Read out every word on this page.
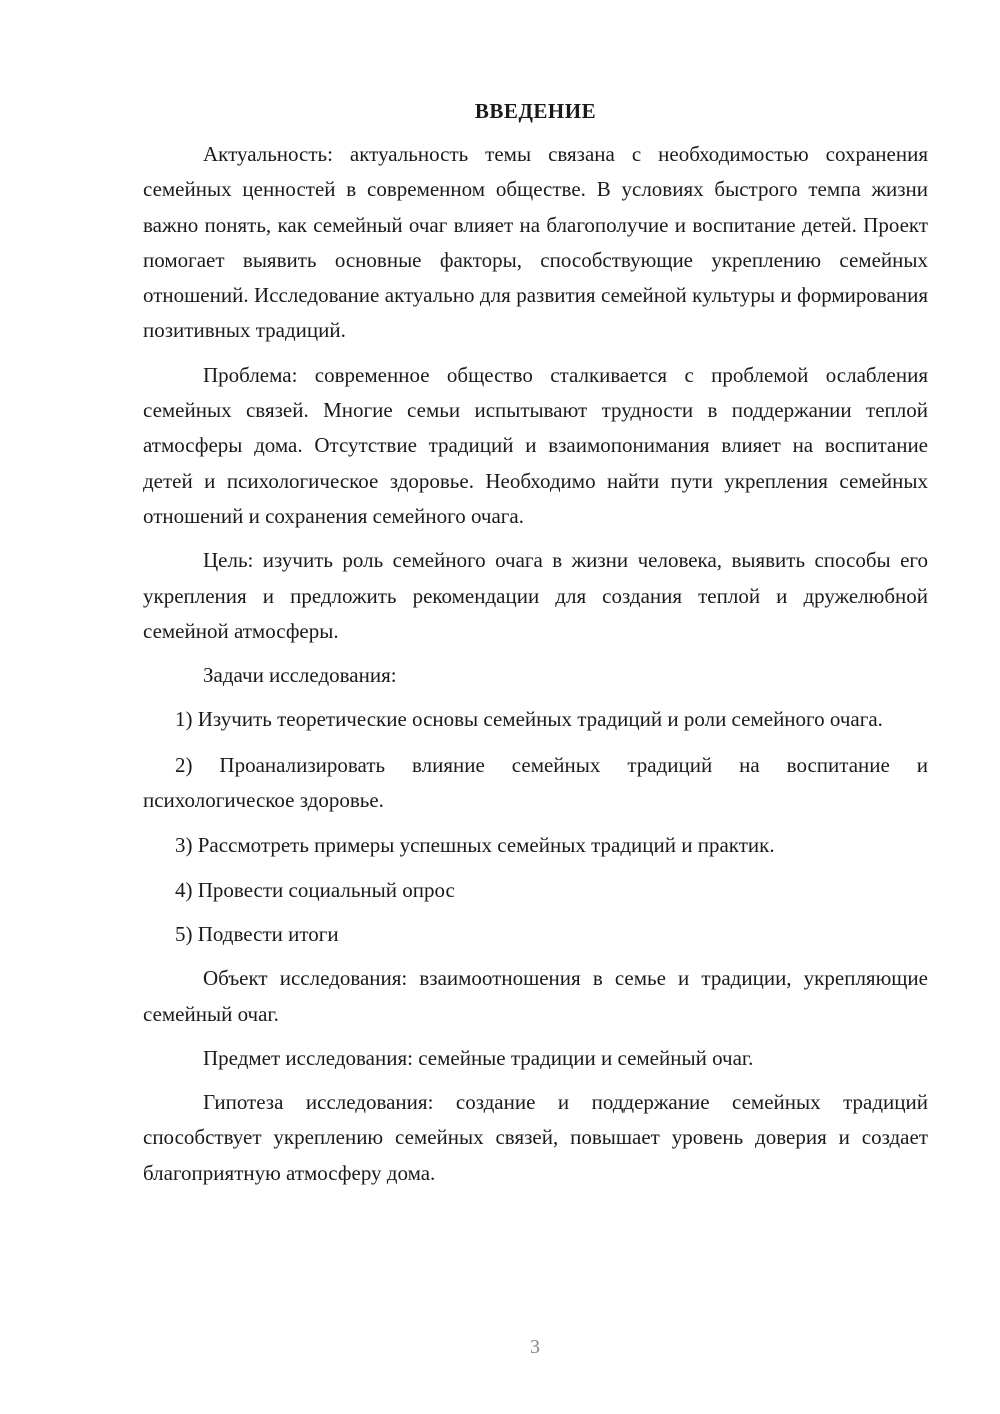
ВВЕДЕНИЕ

Актуальность: актуальность темы связана с необходимостью сохранения семейных ценностей в современном обществе. В условиях быстрого темпа жизни важно понять, как семейный очаг влияет на благополучие и воспитание детей. Проект помогает выявить основные факторы, способствующие укреплению семейных отношений. Исследование актуально для развития семейной культуры и формирования позитивных традиций.

Проблема: современное общество сталкивается с проблемой ослабления семейных связей. Многие семьи испытывают трудности в поддержании теплой атмосферы дома. Отсутствие традиций и взаимопонимания влияет на воспитание детей и психологическое здоровье. Необходимо найти пути укрепления семейных отношений и сохранения семейного очага.

Цель: изучить роль семейного очага в жизни человека, выявить способы его укрепления и предложить рекомендации для создания теплой и дружелюбной семейной атмосферы.

Задачи исследования:

1) Изучить теоретические основы семейных традиций и роли семейного очага.

2) Проанализировать влияние семейных традиций на воспитание и психологическое здоровье.

3) Рассмотреть примеры успешных семейных традиций и практик.

4) Провести социальный опрос

5) Подвести итоги

Объект исследования: взаимоотношения в семье и традиции, укрепляющие семейный очаг.

Предмет исследования: семейные традиции и семейный очаг.

Гипотеза исследования: создание и поддержание семейных традиций способствует укреплению семейных связей, повышает уровень доверия и создает благоприятную атмосферу дома.

3
